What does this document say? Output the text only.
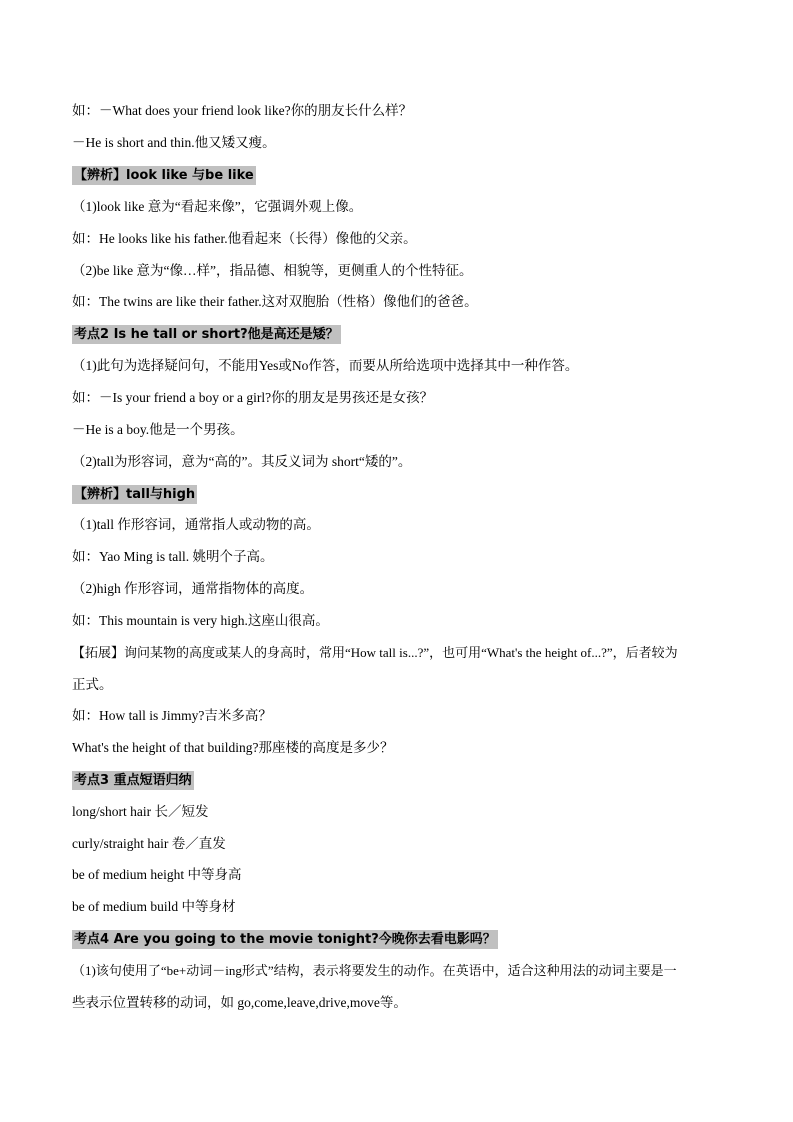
如：－What does your friend look like?你的朋友长什么样？
－He is short and thin.他又矮又瘦。
【辨析】look like 与be like
（1)look like 意为“看起来像”，它强调外观上像。
如：He looks like his father.他看起来（长得）像他的父亲。
（2)be like 意为“像…样”，指品德、相貌等，更侧重人的个性特征。
如：The twins are like their father.这对双胞胎（性格）像他们的爸爸。
考点2 Is he tall or short?他是高还是矮？
（1)此句为选择疑问句，不能用Yes或No作答，而要从所给选项中选择其中一种作答。
如：－Is your friend a boy or a girl?你的朋友是男孩还是女孩？
－He is a boy.他是一个男孩。
（2)tall为形容词，意为“高的”。其反义词为 short“矮的”。
【辨析】tall与high
（1)tall 作形容词，通常指人或动物的高。
如：Yao Ming is tall. 姚明个子高。
（2)high 作形容词，通常指物体的高度。
如：This mountain is very high.这座山很高。
【拓展】询问某物的高度或某人的身高时，常用“How tall is...?”，也可用“What's the height of...?”，后者较为
正式。
如：How tall is Jimmy?吉米多高？
What's the height of that building?那座楼的高度是多少？
考点3 重点短语归纳
long/short hair 长／短发
curly/straight hair 卷／直发
be of medium height 中等身高
be of medium build 中等身材
考点4 Are you going to the movie tonight?今晚你去看电影吗？
（1)该句使用了“be+动词－ing形式”结构，表示将要发生的动作。在英语中，适合这种用法的动词主要是一
些表示位置转移的动词，如 go,come,leave,drive,move等。
